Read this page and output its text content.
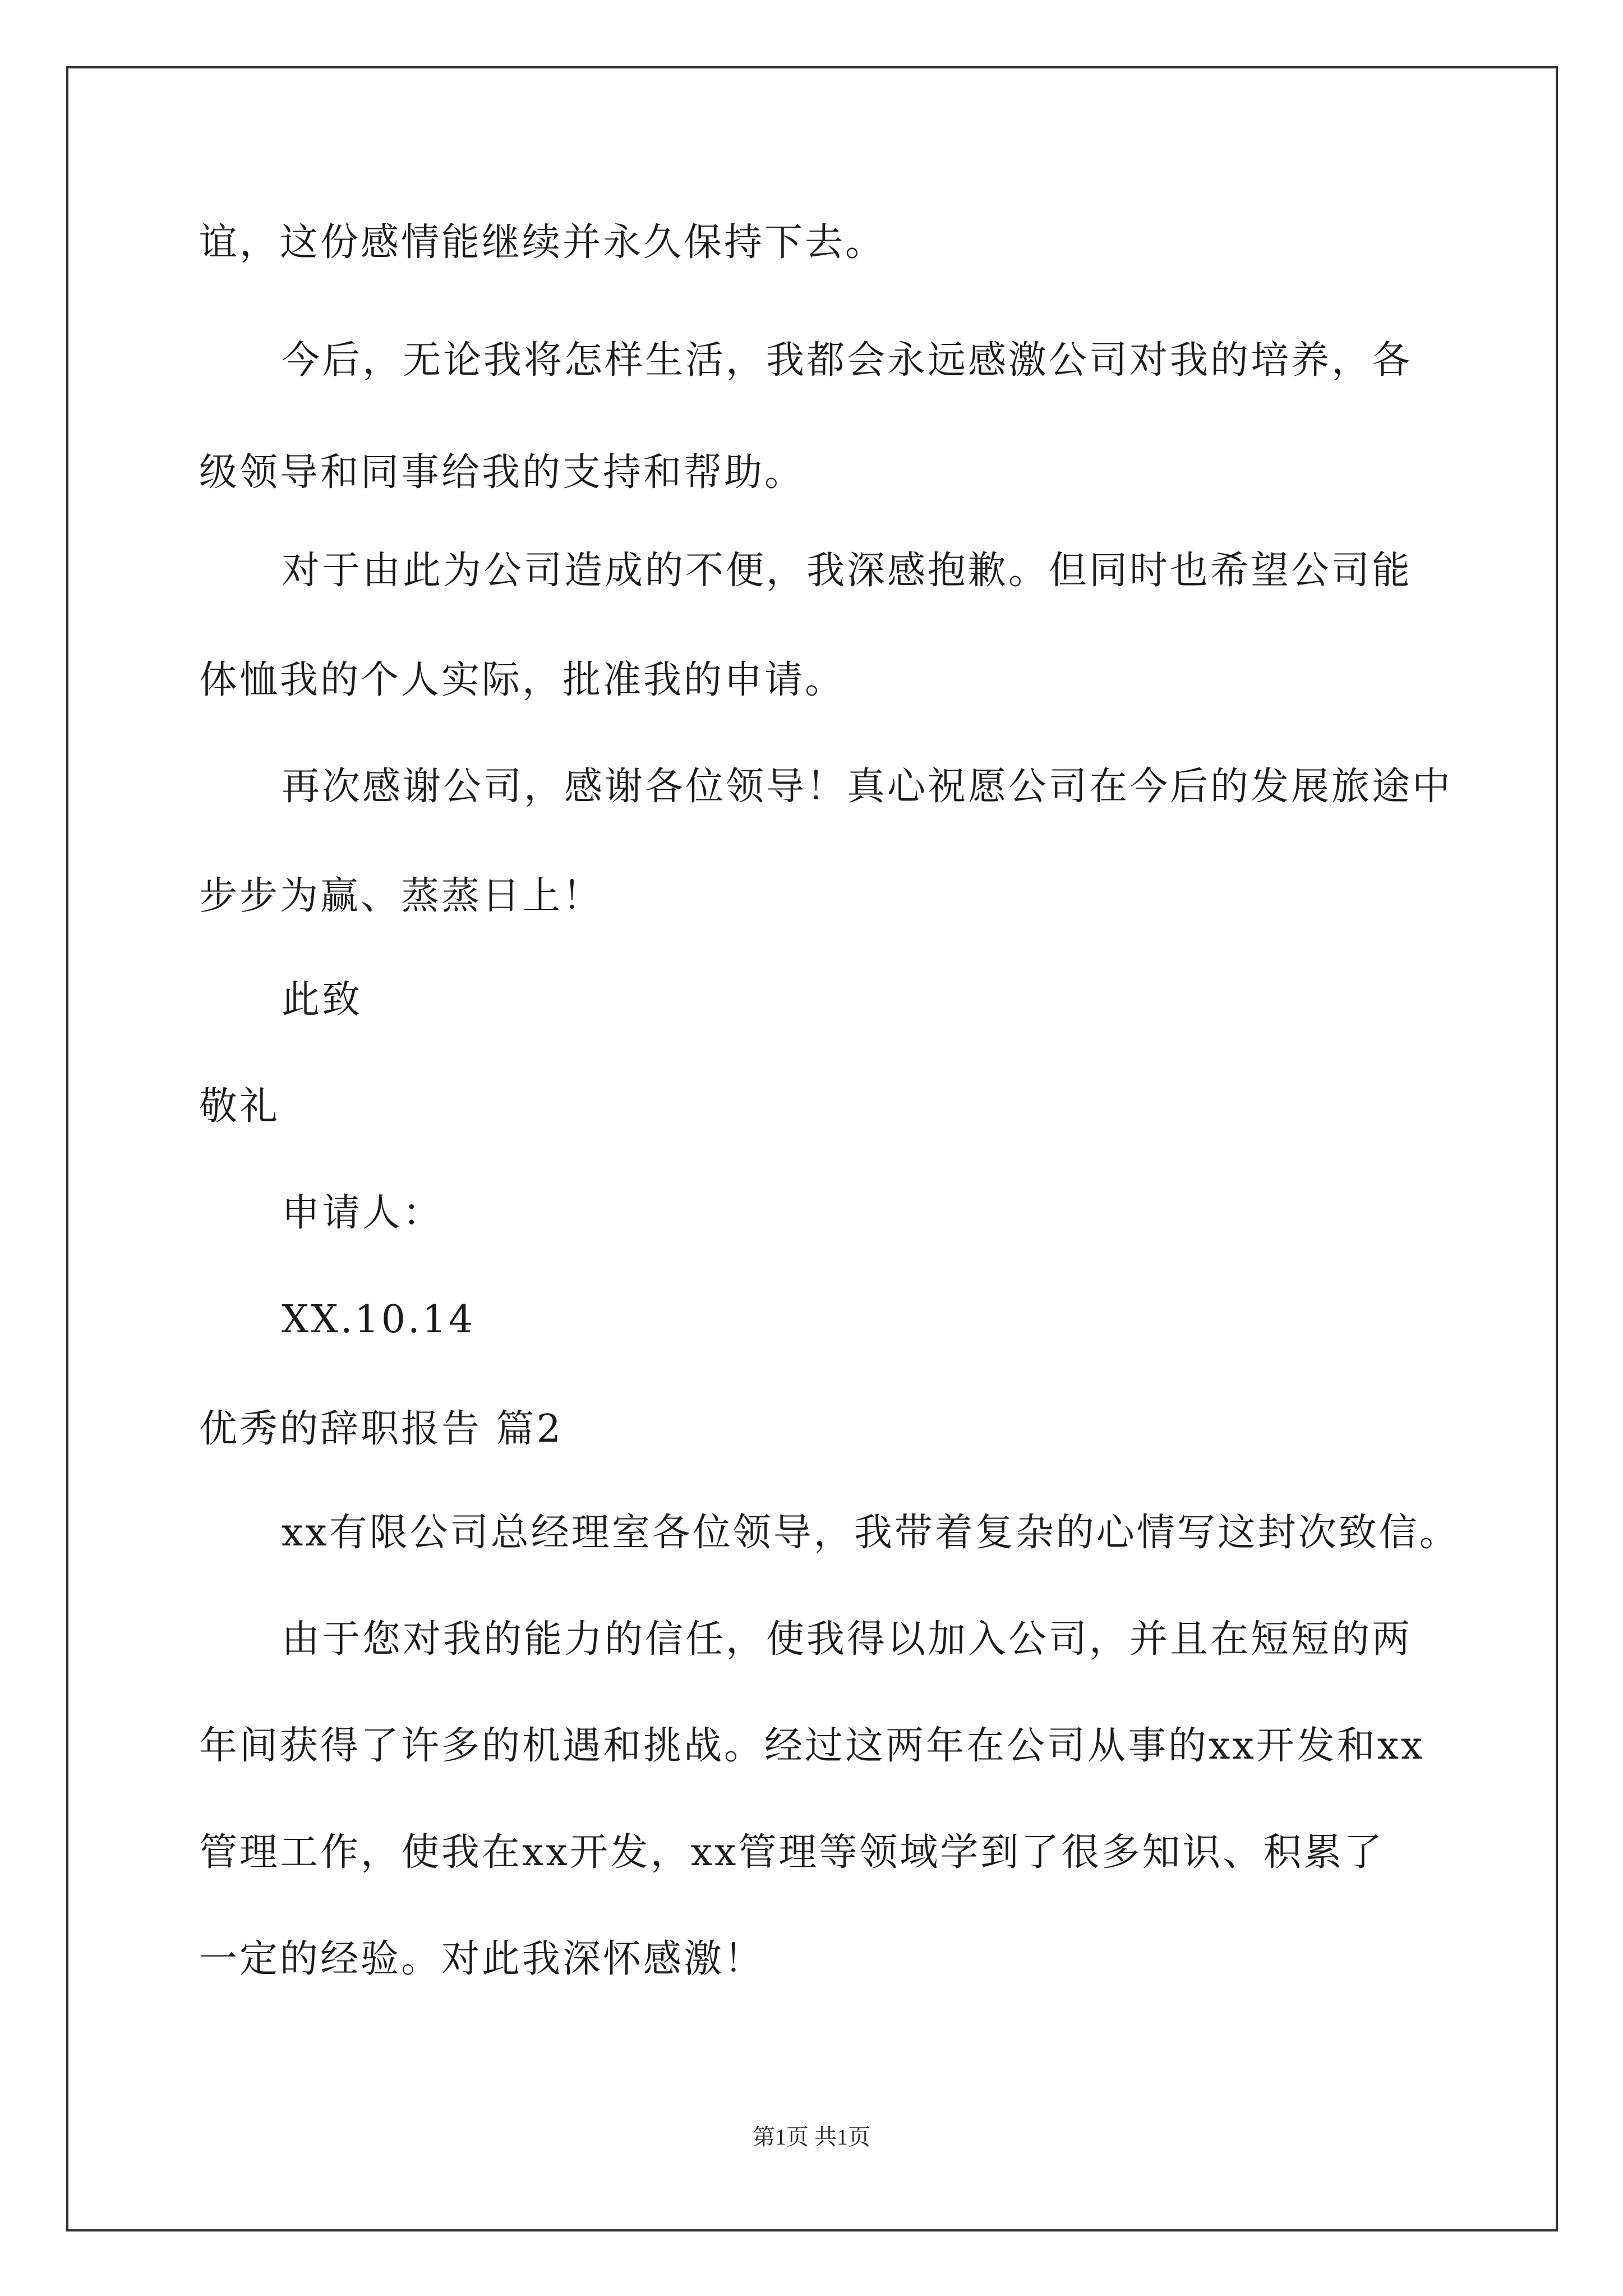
谊，这份感情能继续并永久保持下去。
今后，无论我将怎样生活，我都会永远感激公司对我的培养，各
级领导和同事给我的支持和帮助。
对于由此为公司造成的不便，我深感抱歉。但同时也希望公司能
体恤我的个人实际，批准我的申请。
再次感谢公司，感谢各位领导！真心祝愿公司在今后的发展旅途中
步步为赢、蒸蒸日上！
此致
敬礼
申请人：
XX.10.14
优秀的辞职报告 篇2
xx有限公司总经理室各位领导，我带着复杂的心情写这封次致信。
由于您对我的能力的信任，使我得以加入公司，并且在短短的两
年间获得了许多的机遇和挑战。经过这两年在公司从事的xx开发和xx
管理工作，使我在xx开发，xx管理等领域学到了很多知识、积累了
一定的经验。对此我深怀感激！
第1页 共1页
